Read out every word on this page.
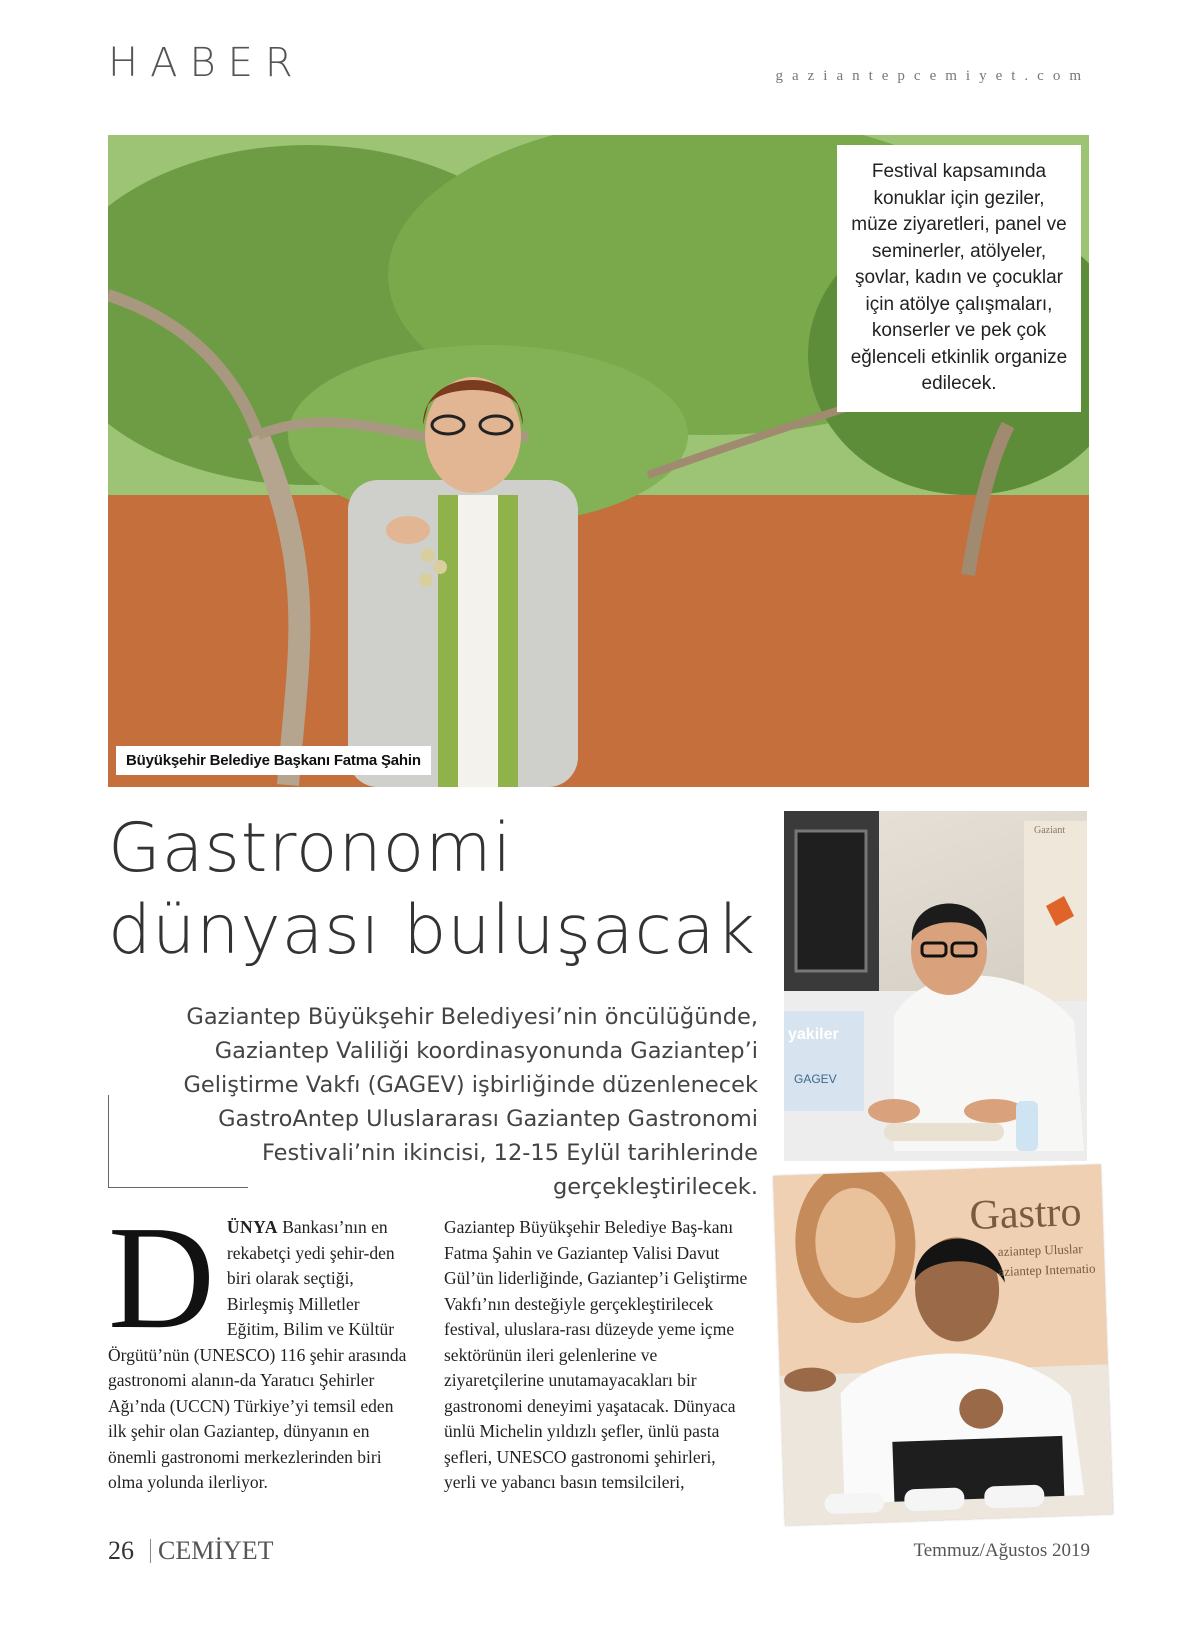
HABER	gaziantepcemiyet.com
Büyükşehir Belediye Başkanı Fatma Şahin
Festival kapsamında konuklar için geziler, müze ziyaretleri, panel ve seminerler, atölyeler, şovlar, kadın ve çocuklar için atölye çalışmaları, konserler ve pek çok eğlenceli etkinlik organize edilecek.
Gastronomi
dünyası buluşacak
Gaziantep Büyükşehir Belediyesi’nin öncülüğünde, Gaziantep Valiliği koordinasyonunda Gaziantep’i Geliştirme Vakfı (GAGEV) işbirliğinde düzenlenecek GastroAntep Uluslararası Gaziantep Gastronomi Festivali’nin ikincisi, 12-15 Eylül tarihlerinde gerçekleştirilecek.
DÜNYA Bankası’nın en rekabetçi yedi şehir-den biri olarak seçtiği, Birleşmiş Milletler Eğitim, Bilim ve Kültür Örgütü’nün (UNESCO) 116 şehir arasında gastronomi alanın-da Yaratıcı Şehirler Ağı’nda (UCCN) Türkiye’yi temsil eden ilk şehir olan Gaziantep, dünyanın en önemli gastronomi merkezlerinden biri olma yolunda ilerliyor.
Gaziantep Büyükşehir Belediye Baş-kanı Fatma Şahin ve Gaziantep Valisi Davut Gül’ün liderliğinde, Gaziantep’i Geliştirme Vakfı’nın desteğiyle gerçekleştirilecek festival, uluslara-rası düzeyde yeme içme sektörünün ileri gelenlerine ve ziyaretçilerine unutamayacakları bir gastronomi deneyimi yaşatacak. Dünyaca ünlü Michelin yıldızlı şefler, ünlü pasta şefleri, UNESCO gastronomi şehirleri, yerli ve yabancı basın temsilcileri,
yakiler
GAGEV
Gaziant
Gastro
aziantep Uluslar
aziantep Internatio
26 CEMİYET	Temmuz/Ağustos 2019
